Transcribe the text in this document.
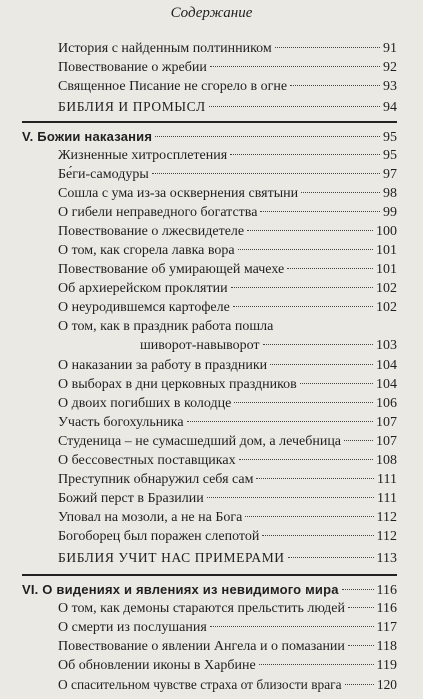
Содержание
История с найденным полтинником	91
Повествование о жребии	92
Священное Писание не сгорело в огне	93
БИБЛИЯ И ПРОМЫСЛ	94
V. Божии наказания	95
Жизненные хитросплетения	95
Бе́ги-самодуры	97
Сошла с ума из-за осквернения святыни	98
О гибели неправедного богатства	99
Повествование о лжесвидетеле	100
О том, как сгорела лавка вора	101
Повествование об умирающей мачехе	101
Об архиерейском проклятии	102
О неуродившемся картофеле	102
О том, как в праздник работа пошла
шиворот-навыворот	103
О наказании за работу в праздники	104
О выборах в дни церковных праздников	104
О двоих погибших в колодце	106
Участь богохульника	107
Студеница – не сумасшедший дом, а лечебница 107
О бессовестных поставщиках	108
Преступник обнаружил себя сам	111
Божий перст в Бразилии	111
Уповал на мозоли, а не на Бога	112
Богоборец был поражен слепотой	112
БИБЛИЯ УЧИТ НАС ПРИМЕРАМИ	113
VI. О видениях и явлениях из невидимого мира	116
О том, как демоны стараются прельстить людей 116
О смерти из послушания	117
Повествование о явлении Ангела и о помазании 118
Об обновлении иконы в Харбине	119
О спасительном чувстве страха от близости врага	120
